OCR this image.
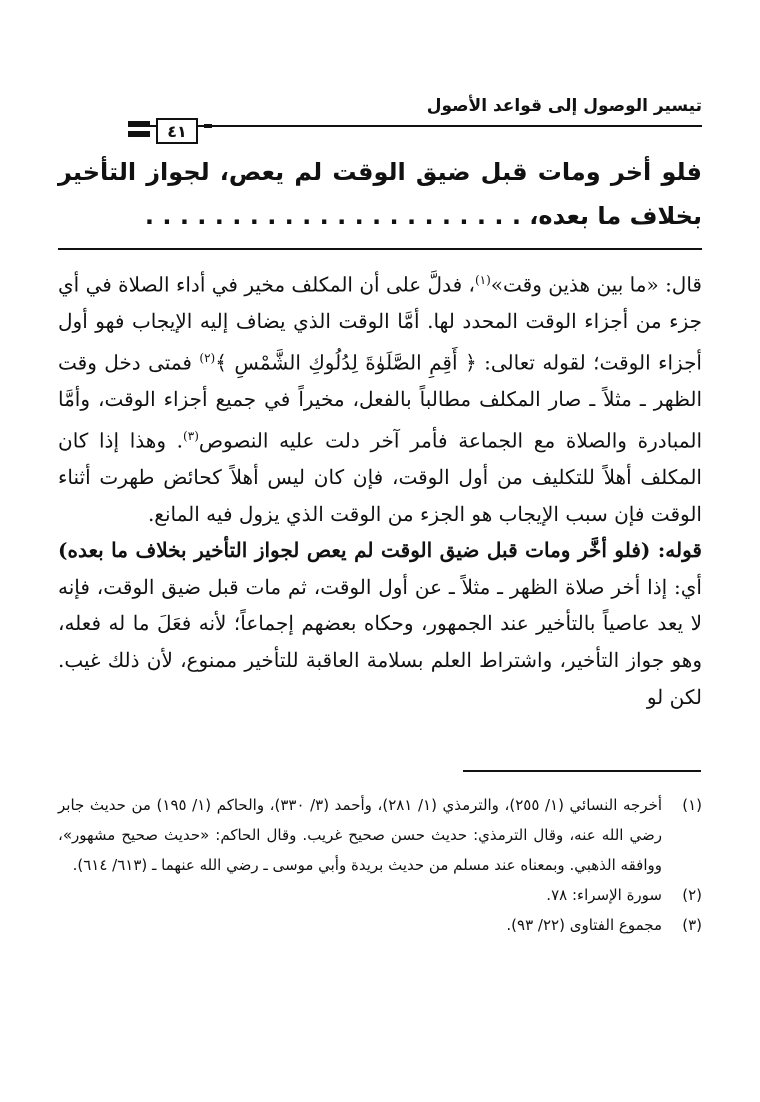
تيسير الوصول إلى قواعد الأصول
٤١
فلو أخر ومات قبل ضيق الوقت لم يعص، لجواز التأخير بخلاف ما بعده، . . . . . . . . . . . . . . . . . . . . . .

قال: «ما بين هذين وقت»$^{(١)}$، فدلَّ على أن المكلف مخير في أداء الصلاة في أي جزء من أجزاء الوقت المحدد لها. أمَّا الوقت الذي يضاف إليه الإيجاب فهو أول أجزاء الوقت؛ لقوله تعالى: ﴿ أَقِمِ الصَّلَوٰةَ لِدُلُوكِ الشَّمْسِ ﴾$^{(٢)}$ فمتى دخل وقت الظهر ـ مثلاً ـ صار المكلف مطالباً بالفعل، مخيراً في جميع أجزاء الوقت، وأمَّا المبادرة والصلاة مع الجماعة فأمر آخر دلت عليه النصوص$^{(٣)}$. وهذا إذا كان المكلف أهلاً للتكليف من أول الوقت، فإن كان ليس أهلاً كحائض طهرت أثناء الوقت فإن سبب الإيجاب هو الجزء من الوقت الذي يزول فيه المانع.

قوله: (فلو أخَّر ومات قبل ضيق الوقت لم يعص لجواز التأخير بخلاف ما بعده) أي: إذا أخر صلاة الظهر ـ مثلاً ـ عن أول الوقت، ثم مات قبل ضيق الوقت، فإنه لا يعد عاصياً بالتأخير عند الجمهور، وحكاه بعضهم إجماعاً؛ لأنه فعَلَ ما له فعله، وهو جواز التأخير، واشتراط العلم بسلامة العاقبة للتأخير ممنوع، لأن ذلك غيب. لكن لو

(١)
أخرجه النسائي (١/ ٢٥٥)، والترمذي (١/ ٢٨١)، وأحمد (٣/ ٣٣٠)، والحاكم (١/ ١٩٥) من حديث جابر رضي الله عنه، وقال الترمذي: حديث حسن صحيح غريب. وقال الحاكم: «حديث صحيح مشهور»، ووافقه الذهبي. وبمعناه عند مسلم من حديث بريدة وأبي موسى ـ رضي الله عنهما ـ (٦١٣/ ٦١٤).
(٢)
سورة الإسراء: ٧٨.
(٣)
مجموع الفتاوى (٢٢/ ٩٣).
